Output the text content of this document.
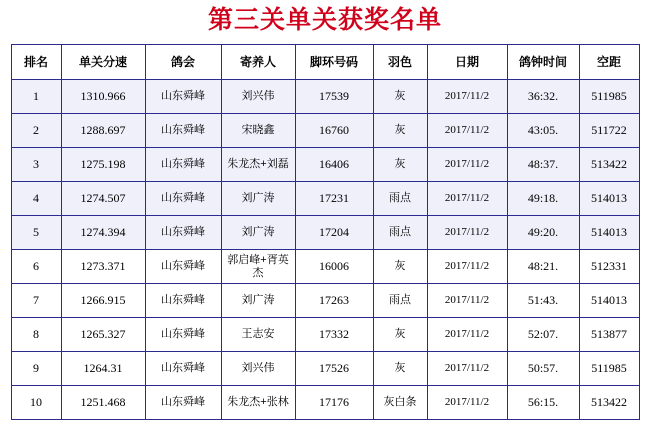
第三关单关获奖名单
排名	单关分速	鸽会	寄养人	脚环号码	羽色	日期	鸽钟时间	空距
1	1310.966	山东舜峰	刘兴伟	17539	灰	2017/11/2	36:32.	511985
2	1288.697	山东舜峰	宋晓鑫	16760	灰	2017/11/2	43:05.	511722
3	1275.198	山东舜峰	朱龙杰+刘磊	16406	灰	2017/11/2	48:37.	513422
4	1274.507	山东舜峰	刘广涛	17231	雨点	2017/11/2	49:18.	514013
5	1274.394	山东舜峰	刘广涛	17204	雨点	2017/11/2	49:20.	514013
6	1273.371	山东舜峰	郭启峰+胥英杰	16006	灰	2017/11/2	48:21.	512331
7	1266.915	山东舜峰	刘广涛	17263	雨点	2017/11/2	51:43.	514013
8	1265.327	山东舜峰	王志安	17332	灰	2017/11/2	52:07.	513877
9	1264.31	山东舜峰	刘兴伟	17526	灰	2017/11/2	50:57.	511985
10	1251.468	山东舜峰	朱龙杰+张林	17176	灰白条	2017/11/2	56:15.	513422
